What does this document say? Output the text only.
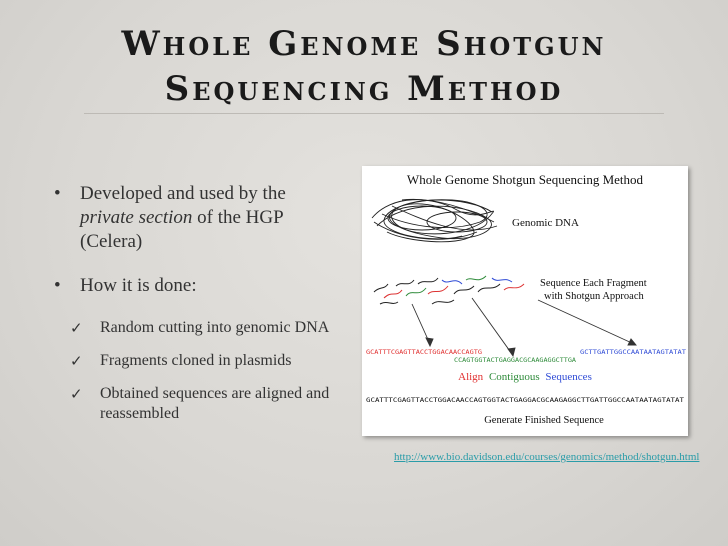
Whole Genome Shotgun
Sequencing Method
• Developed and used by the private section of the HGP (Celera)
• How it is done:
✓ Random cutting into genomic DNA
✓ Fragments cloned in plasmids
✓ Obtained sequences are aligned and reassembled
Whole Genome Shotgun Sequencing Method
Genomic DNA
Sequence Each Fragment
with Shotgun Approach
GCATTTCGAGTTACCTGGACAACCAGTG
CCAGTGGTACTGAGGACGCAAGAGGCTTGA
GCTTGATTGGCCAATAATAGTATAT
Align Contiguous Sequences
GCATTTCGAGTTACCTGGACAACCAGTGGTACTGAGGACGCAAGAGGCTTGATTGGCCAATAATAGTATAT
Generate Finished Sequence
http://www.bio.davidson.edu/courses/genomics/method/shotgun.html
